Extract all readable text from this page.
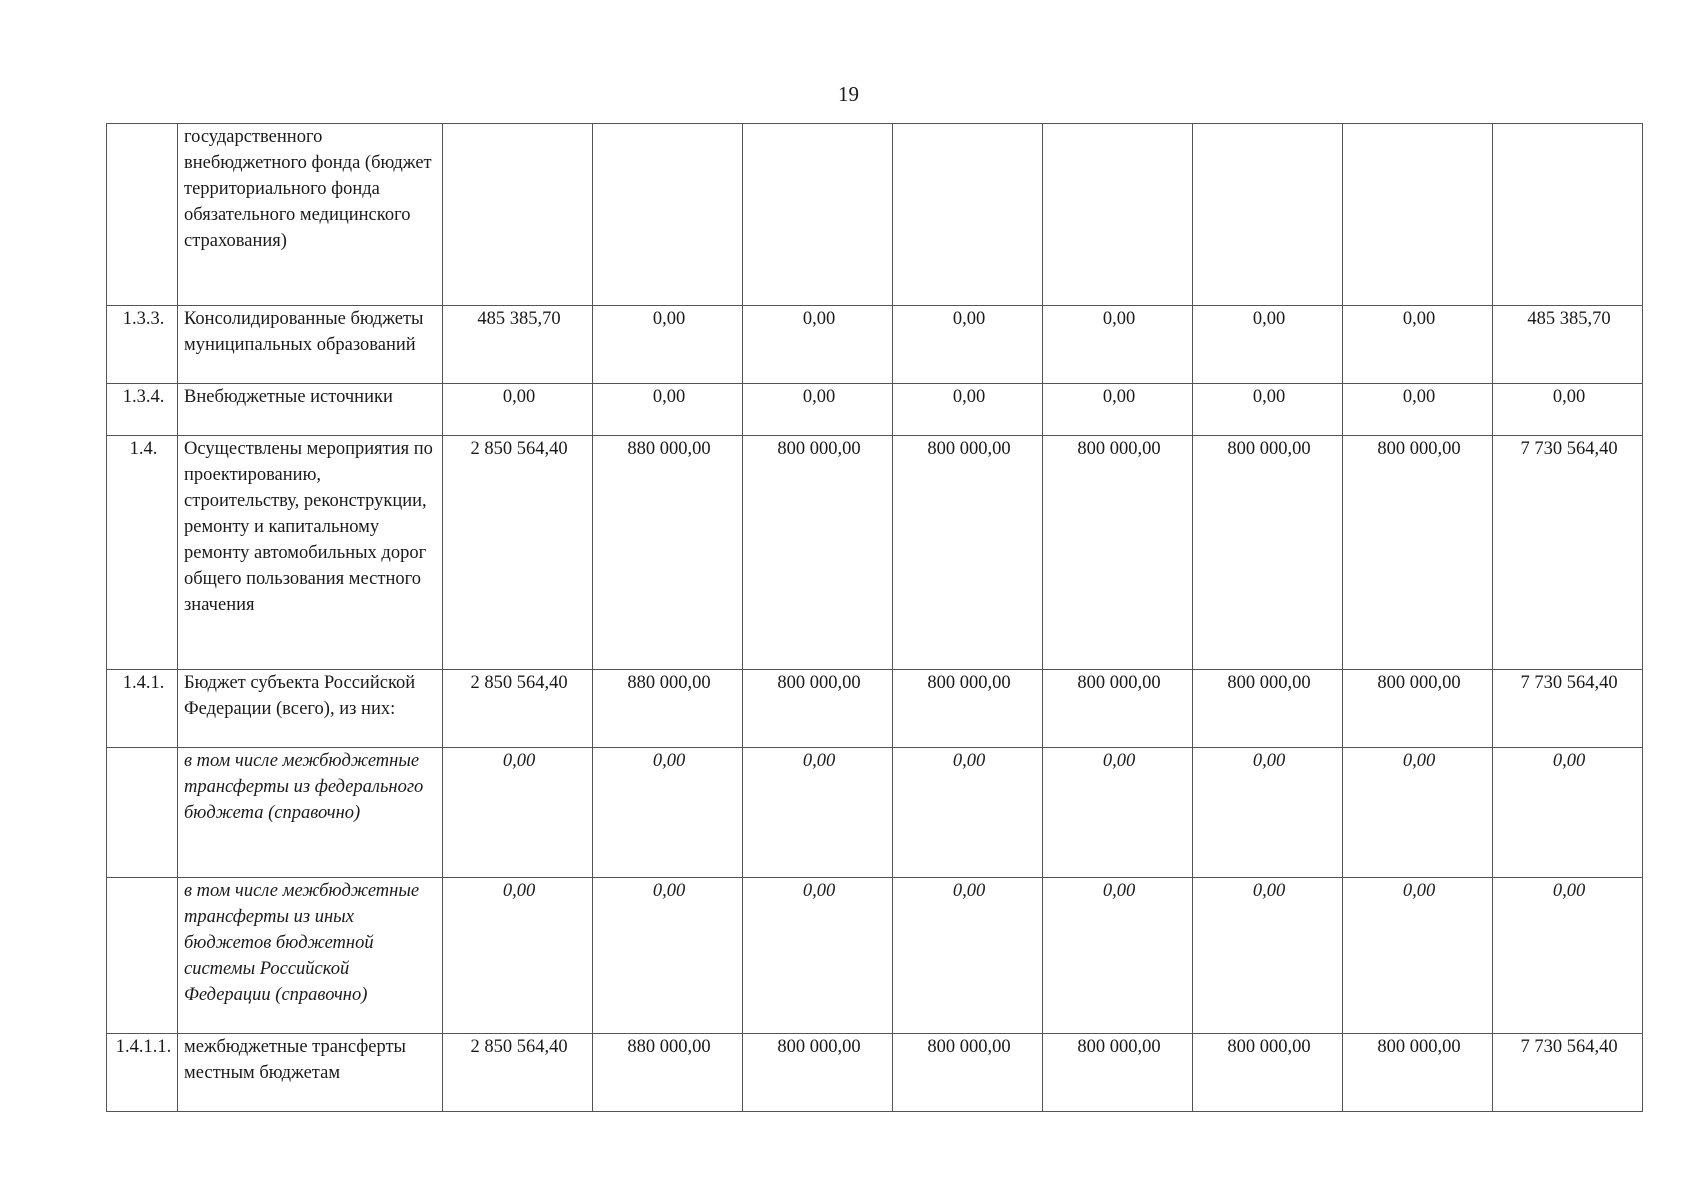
19
	государственного внебюджетного фонда (бюджет территориального фонда обязательного медицинского страхования)								
1.3.3.	Консолидированные бюджеты муниципальных образований	485 385,70	0,00	0,00	0,00	0,00	0,00	0,00	485 385,70
1.3.4.	Внебюджетные источники	0,00	0,00	0,00	0,00	0,00	0,00	0,00	0,00
1.4.	Осуществлены мероприятия по проектированию, строительству, реконструкции, ремонту и капитальному ремонту автомобильных дорог общего пользования местного значения	2 850 564,40	880 000,00	800 000,00	800 000,00	800 000,00	800 000,00	800 000,00	7 730 564,40
1.4.1.	Бюджет субъекта Российской Федерации (всего), из них:	2 850 564,40	880 000,00	800 000,00	800 000,00	800 000,00	800 000,00	800 000,00	7 730 564,40
	в том числе межбюджетные трансферты из федерального бюджета (справочно)	0,00	0,00	0,00	0,00	0,00	0,00	0,00	0,00
	в том числе межбюджетные трансферты из иных бюджетов бюджетной системы Российской Федерации (справочно)	0,00	0,00	0,00	0,00	0,00	0,00	0,00	0,00
1.4.1.1.	межбюджетные трансферты местным бюджетам	2 850 564,40	880 000,00	800 000,00	800 000,00	800 000,00	800 000,00	800 000,00	7 730 564,40
